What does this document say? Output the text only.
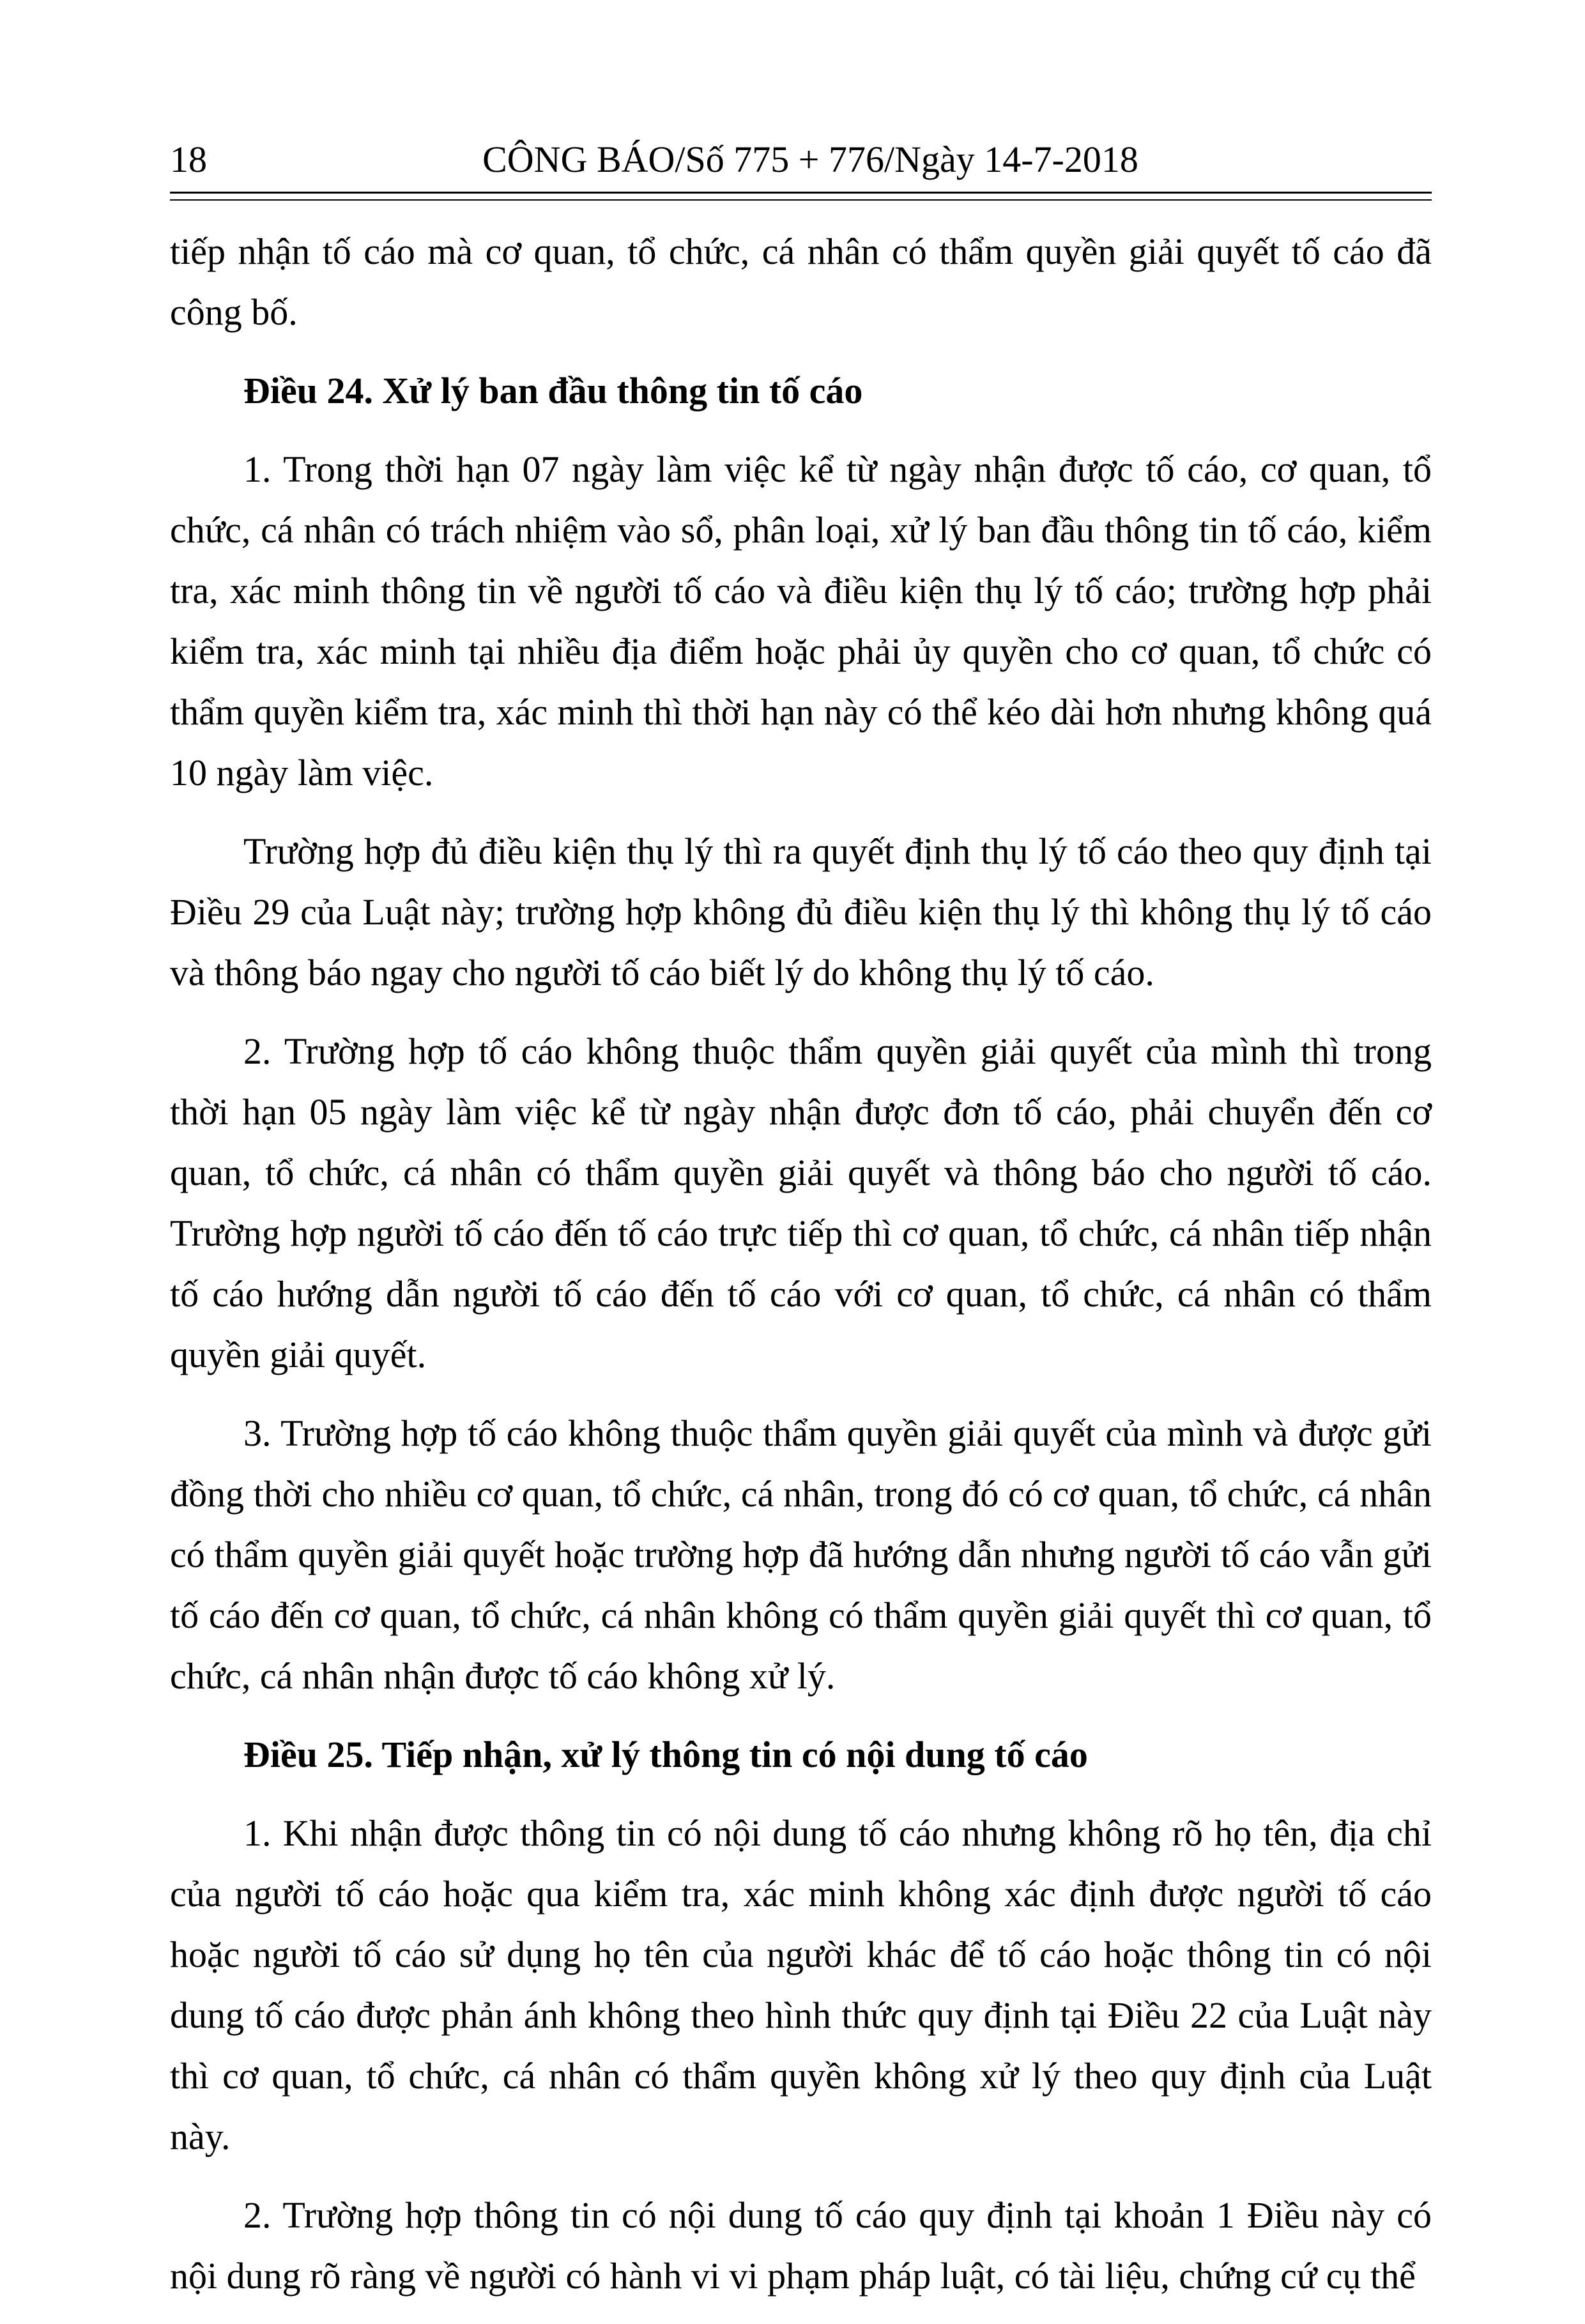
18	CÔNG BÁO/Số 775 + 776/Ngày 14-7-2018

tiếp nhận tố cáo mà cơ quan, tổ chức, cá nhân có thẩm quyền giải quyết tố cáo đã công bố.

Điều 24. Xử lý ban đầu thông tin tố cáo

1. Trong thời hạn 07 ngày làm việc kể từ ngày nhận được tố cáo, cơ quan, tổ chức, cá nhân có trách nhiệm vào sổ, phân loại, xử lý ban đầu thông tin tố cáo, kiểm tra, xác minh thông tin về người tố cáo và điều kiện thụ lý tố cáo; trường hợp phải kiểm tra, xác minh tại nhiều địa điểm hoặc phải ủy quyền cho cơ quan, tổ chức có thẩm quyền kiểm tra, xác minh thì thời hạn này có thể kéo dài hơn nhưng không quá 10 ngày làm việc.

Trường hợp đủ điều kiện thụ lý thì ra quyết định thụ lý tố cáo theo quy định tại Điều 29 của Luật này; trường hợp không đủ điều kiện thụ lý thì không thụ lý tố cáo và thông báo ngay cho người tố cáo biết lý do không thụ lý tố cáo.

2. Trường hợp tố cáo không thuộc thẩm quyền giải quyết của mình thì trong thời hạn 05 ngày làm việc kể từ ngày nhận được đơn tố cáo, phải chuyển đến cơ quan, tổ chức, cá nhân có thẩm quyền giải quyết và thông báo cho người tố cáo. Trường hợp người tố cáo đến tố cáo trực tiếp thì cơ quan, tổ chức, cá nhân tiếp nhận tố cáo hướng dẫn người tố cáo đến tố cáo với cơ quan, tổ chức, cá nhân có thẩm quyền giải quyết.

3. Trường hợp tố cáo không thuộc thẩm quyền giải quyết của mình và được gửi đồng thời cho nhiều cơ quan, tổ chức, cá nhân, trong đó có cơ quan, tổ chức, cá nhân có thẩm quyền giải quyết hoặc trường hợp đã hướng dẫn nhưng người tố cáo vẫn gửi tố cáo đến cơ quan, tổ chức, cá nhân không có thẩm quyền giải quyết thì cơ quan, tổ chức, cá nhân nhận được tố cáo không xử lý.

Điều 25. Tiếp nhận, xử lý thông tin có nội dung tố cáo

1. Khi nhận được thông tin có nội dung tố cáo nhưng không rõ họ tên, địa chỉ của người tố cáo hoặc qua kiểm tra, xác minh không xác định được người tố cáo hoặc người tố cáo sử dụng họ tên của người khác để tố cáo hoặc thông tin có nội dung tố cáo được phản ánh không theo hình thức quy định tại Điều 22 của Luật này thì cơ quan, tổ chức, cá nhân có thẩm quyền không xử lý theo quy định của Luật này.

2. Trường hợp thông tin có nội dung tố cáo quy định tại khoản 1 Điều này có nội dung rõ ràng về người có hành vi vi phạm pháp luật, có tài liệu, chứng cứ cụ thể
